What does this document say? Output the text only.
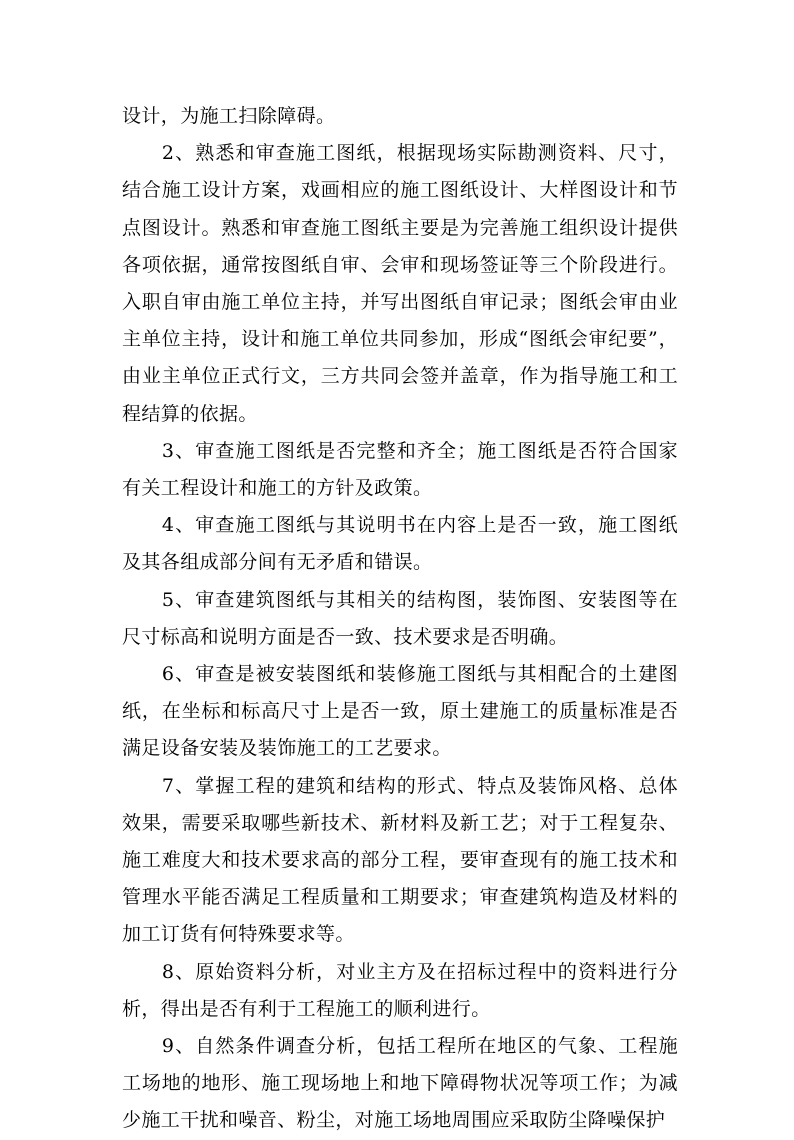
设计，为施工扫除障碍。

2、熟悉和审查施工图纸，根据现场实际勘测资料、尺寸，结合施工设计方案，戏画相应的施工图纸设计、大样图设计和节点图设计。熟悉和审查施工图纸主要是为完善施工组织设计提供各项依据，通常按图纸自审、会审和现场签证等三个阶段进行。入职自审由施工单位主持，并写出图纸自审记录；图纸会审由业主单位主持，设计和施工单位共同参加，形成“图纸会审纪要”，由业主单位正式行文，三方共同会签并盖章，作为指导施工和工程结算的依据。

3、审查施工图纸是否完整和齐全；施工图纸是否符合国家有关工程设计和施工的方针及政策。

4、审查施工图纸与其说明书在内容上是否一致，施工图纸及其各组成部分间有无矛盾和错误。

5、审查建筑图纸与其相关的结构图，装饰图、安装图等在尺寸标高和说明方面是否一致、技术要求是否明确。

6、审查是被安装图纸和装修施工图纸与其相配合的土建图纸，在坐标和标高尺寸上是否一致，原土建施工的质量标准是否满足设备安装及装饰施工的工艺要求。

7、掌握工程的建筑和结构的形式、特点及装饰风格、总体效果，需要采取哪些新技术、新材料及新工艺；对于工程复杂、施工难度大和技术要求高的部分工程，要审查现有的施工技术和管理水平能否满足工程质量和工期要求；审查建筑构造及材料的加工订货有何特殊要求等。

8、原始资料分析，对业主方及在招标过程中的资料进行分析，得出是否有利于工程施工的顺利进行。

9、自然条件调查分析，包括工程所在地区的气象、工程施工场地的地形、施工现场地上和地下障碍物状况等项工作；为减少施工干扰和噪音、粉尘，对施工场地周围应采取防尘降噪保护
